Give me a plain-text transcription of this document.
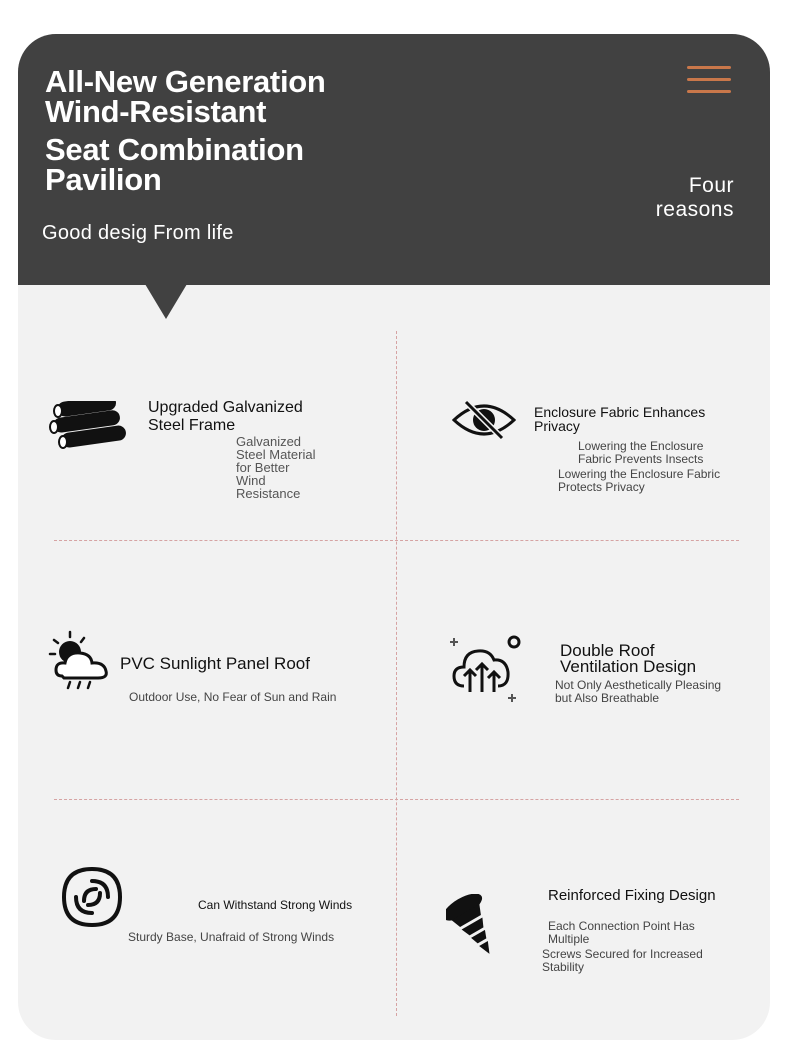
All-New Generation
Wind-Resistant
Seat Combination
Pavilion
Good desig From life
Four
reasons
Upgraded Galvanized
Steel Frame
Galvanized
Steel Material
for Better
Wind
Resistance
Enclosure Fabric Enhances
Privacy
Lowering the Enclosure
Fabric Prevents Insects
Lowering the Enclosure Fabric
Protects Privacy
PVC Sunlight Panel Roof
Outdoor Use, No Fear of Sun and Rain
Double Roof
Ventilation Design
Not Only Aesthetically Pleasing
but Also Breathable
Can Withstand Strong Winds
Sturdy Base, Unafraid of Strong Winds
Reinforced Fixing Design
Each Connection Point Has
Multiple
Screws Secured for Increased
Stability
